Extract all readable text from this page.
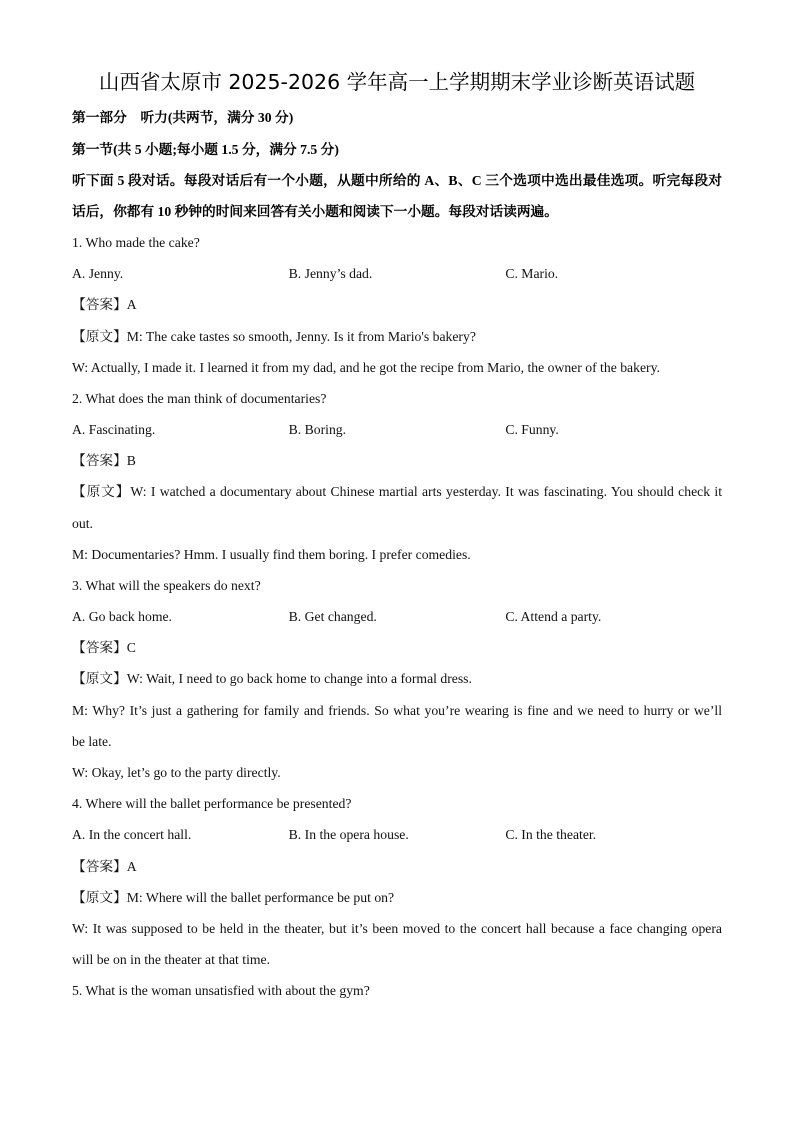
山西省太原市 2025-2026 学年高一上学期期末学业诊断英语试题
第一部分　听力(共两节，满分 30 分)
第一节(共 5 小题;每小题 1.5 分，满分 7.5 分)
听下面 5 段对话。每段对话后有一个小题，从题中所给的 A、B、C 三个选项中选出最佳选项。听完每段对
话后，你都有 10 秒钟的时间来回答有关小题和阅读下一小题。每段对话读两遍。
1. Who made the cake?
A. Jenny.	B. Jenny’s dad.	C. Mario.
【答案】A
【原文】M: The cake tastes so smooth, Jenny. Is it from Mario's bakery?
W: Actually, I made it. I learned it from my dad, and he got the recipe from Mario, the owner of the bakery.
2. What does the man think of documentaries?
A. Fascinating.	B. Boring.	C. Funny.
【答案】B
【原文】W: I watched a documentary about Chinese martial arts yesterday. It was fascinating. You should check it
out.
M: Documentaries? Hmm. I usually find them boring. I prefer comedies.
3. What will the speakers do next?
A. Go back home.	B. Get changed.	C. Attend a party.
【答案】C
【原文】W: Wait, I need to go back home to change into a formal dress.
M: Why? It’s just a gathering for family and friends. So what you’re wearing is fine and we need to hurry or we’ll
be late.
W: Okay, let’s go to the party directly.
4. Where will the ballet performance be presented?
A. In the concert hall.	B. In the opera house.	C. In the theater.
【答案】A
【原文】M: Where will the ballet performance be put on?
W: It was supposed to be held in the theater, but it’s been moved to the concert hall because a face changing opera
will be on in the theater at that time.
5. What is the woman unsatisfied with about the gym?
